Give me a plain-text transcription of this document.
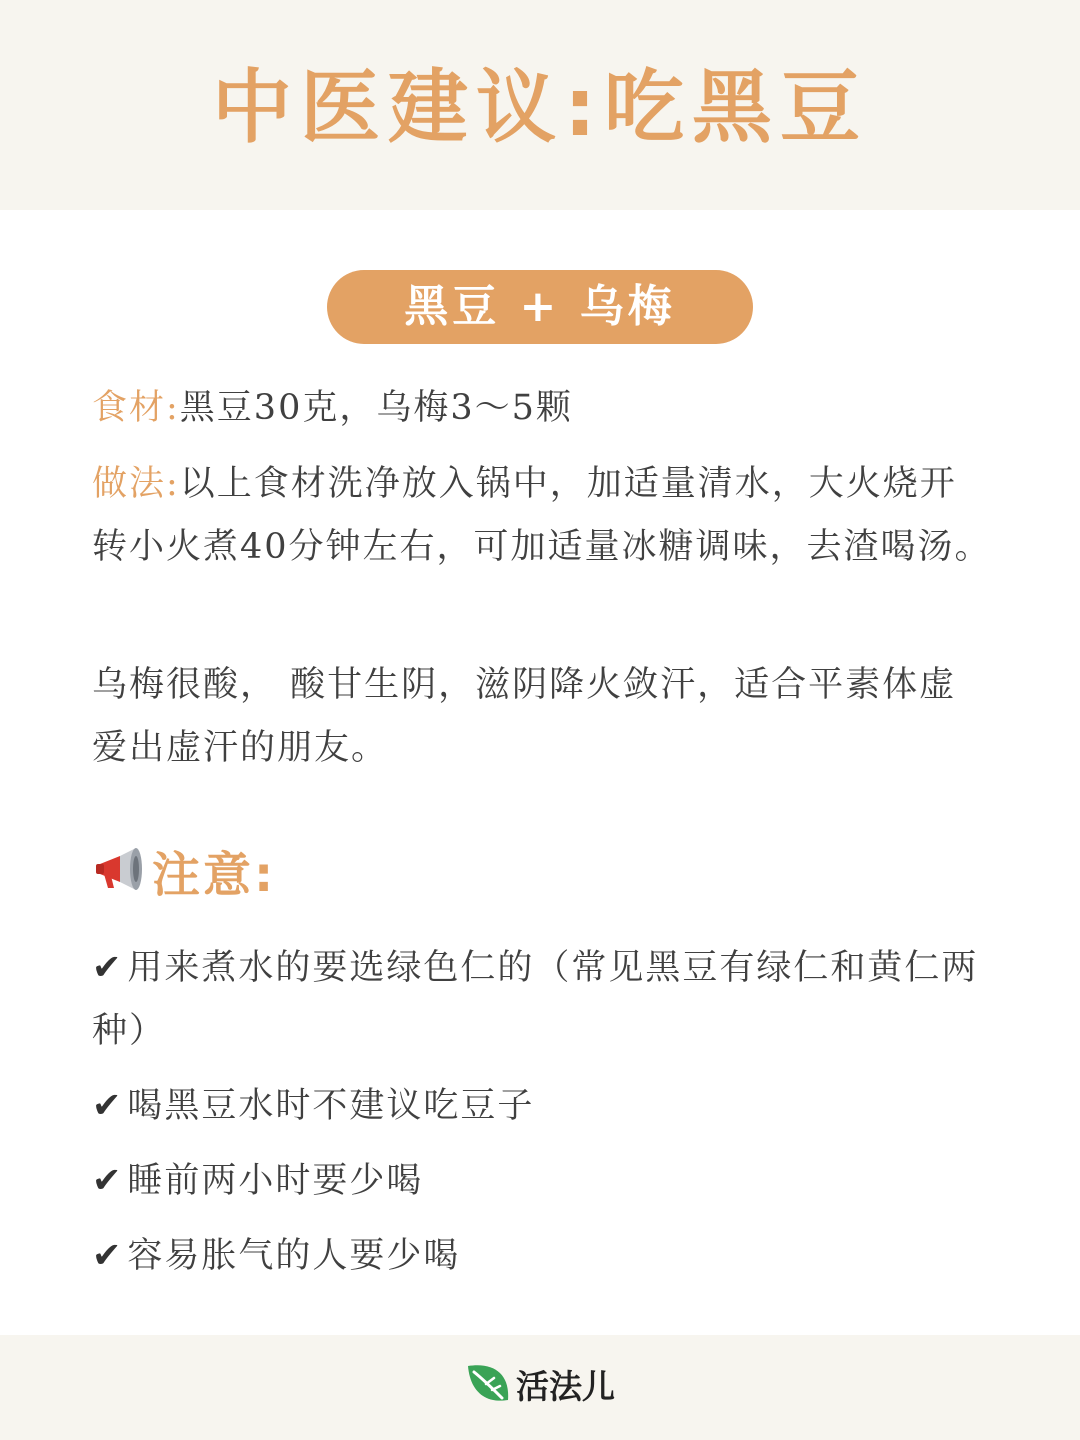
中医建议:吃黑豆
黑豆 + 乌梅
食材:黑豆30克，乌梅3～5颗
做法:以上食材洗净放入锅中，加适量清水，大火烧开转小火煮40分钟左右，可加适量冰糖调味，去渣喝汤。
乌梅很酸， 酸甘生阴，滋阴降火敛汗，适合平素体虚爱出虚汗的朋友。
注意:
✔ 用来煮水的要选绿色仁的（常见黑豆有绿仁和黄仁两种）
✔ 喝黑豆水时不建议吃豆子
✔ 睡前两小时要少喝
✔ 容易胀气的人要少喝
活法儿
